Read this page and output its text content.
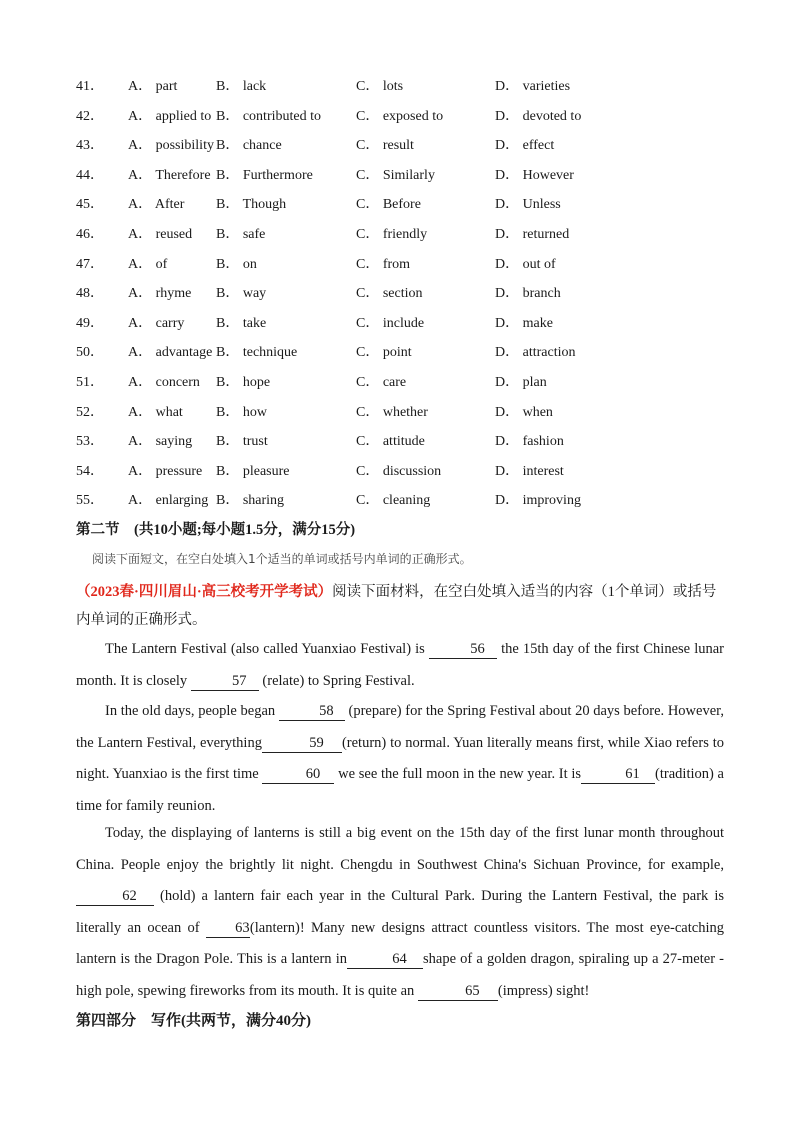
41． A． part	B． lack	C． lots	D． varieties
42． A． applied to B． contributed to	C． exposed to	D． devoted to
43． A． possibility B． chance	C． result	D． effect
44． A． Therefore B． Furthermore	C． Similarly	D． However
45． A． After B． Though	C． Before	D． Unless
46． A． reused B． safe	C． friendly	D． returned
47． A． of	B． on	C． from	D． out of
48． A． rhyme B． way	C． section	D． branch
49． A． carry B． take	C． include	D． make
50． A． advantage B． technique	C． point	D． attraction
51． A． concern B． hope	C． care	D． plan
52． A． what B． how	C． whether	D． when
53． A． saying B． trust	C． attitude	D． fashion
54． A． pressure B． pleasure	C． discussion	D． interest
55． A． enlarging B． sharing	C． cleaning	D． improving
第二节　(共10小题;每小题1.5分，满分15分)
阅读下面短文，在空白处填入1个适当的单词或括号内单词的正确形式。
（2023春·四川眉山·高三校考开学考试）阅读下面材料，在空白处填入适当的内容（1个单词）或括号内单词的正确形式。
The Lantern Festival (also called Yuanxiao Festival) is	56 the 15th day of the first Chinese lunar month. It is closely	57 (relate) to Spring Festival.
In the old days, people began	58 (prepare) for the Spring Festival about 20 days before. However, the Lantern Festival, everything	59 (return) to normal. Yuan literally means first, while Xiao refers to night. Yuanxiao is the first time	60 we see the full moon in the new year. It is	61 (tradition) a time for family reunion.
Today, the displaying of lanterns is still a big event on the 15th day of the first lunar month throughout China. People enjoy the brightly lit night. Chengdu in Southwest China's Sichuan Province, for example,62 (hold) a lantern fair each year in the Cultural Park. During the Lantern Festival, the park is literally an ocean of 63(lantern)! Many new designs attract countless visitors. The most eye-catching lantern is the Dragon Pole. This is a lantern in	64 shape of a golden dragon, spiraling up a 27-meter -high pole, spewing fireworks from its mouth. It is quite an	65 (impress) sight!
第四部分　写作(共两节，满分40分)
